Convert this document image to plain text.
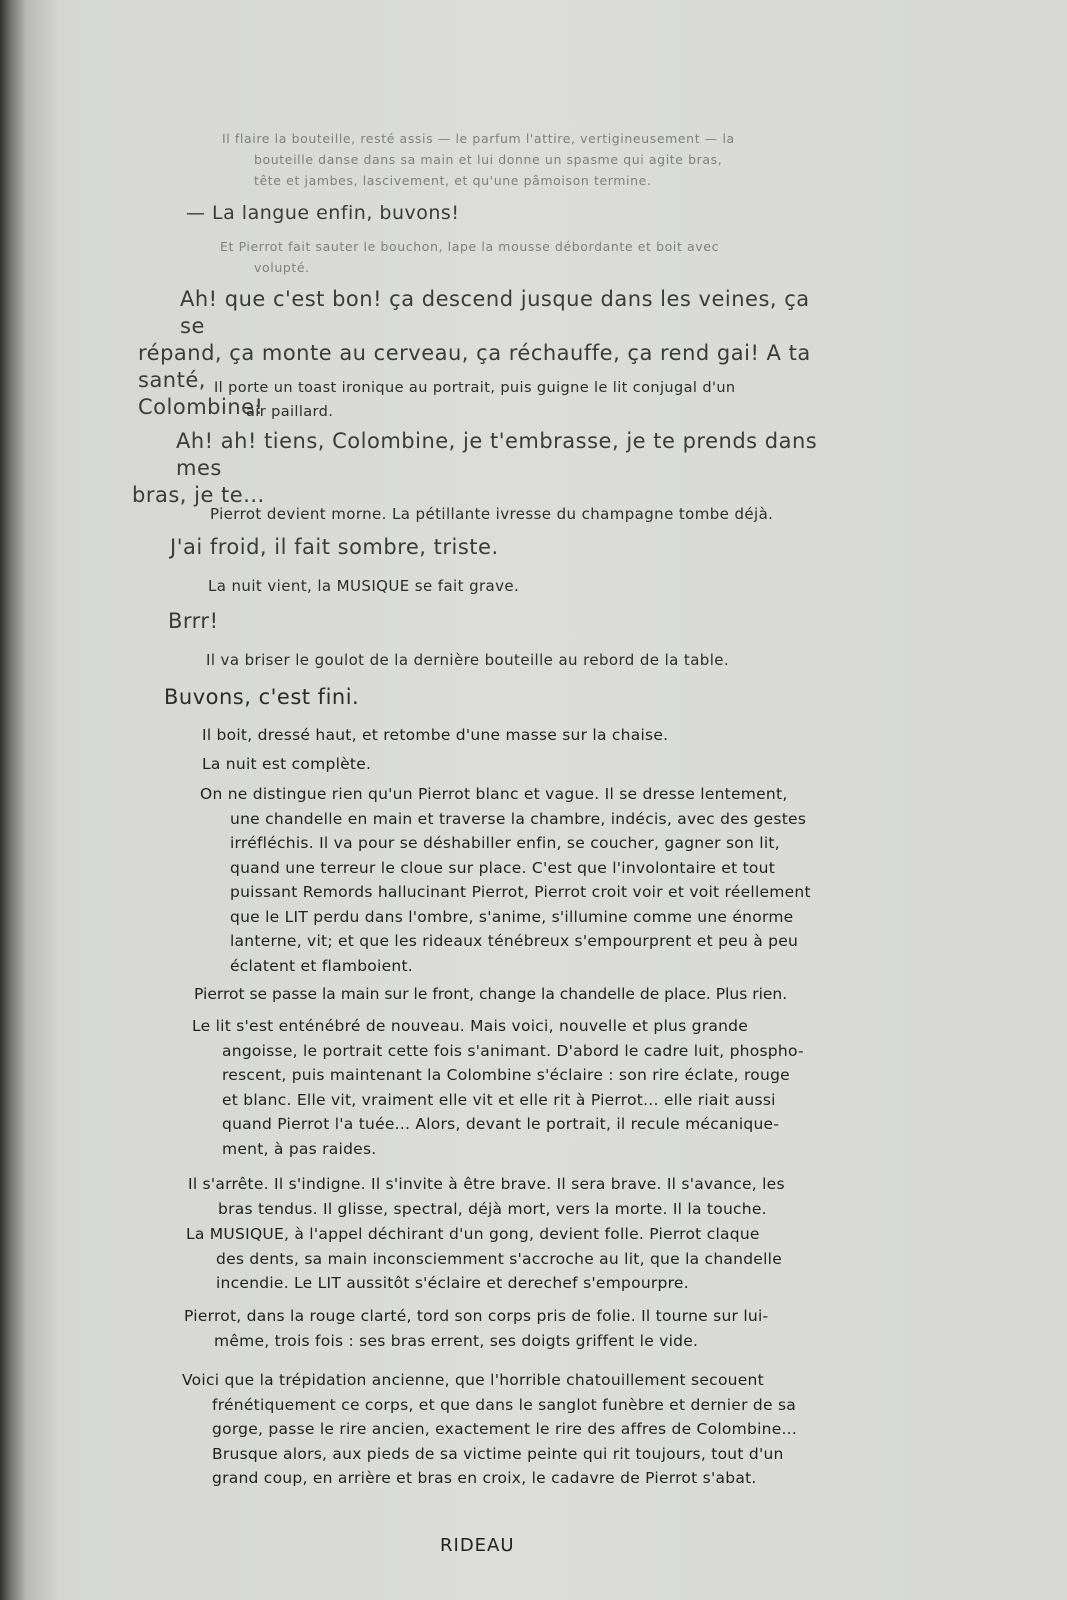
Il flaire la bouteille, resté assis — le parfum l'attire, vertigineusement — la
bouteille danse dans sa main et lui donne un spasme qui agite bras,
tête et jambes, lascivement, et qu'une pâmoison termine.
— La langue enfin, buvons!
Et Pierrot fait sauter le bouchon, lape la mousse débordante et boit avec
volupté.
Ah! que c'est bon! ça descend jusque dans les veines, ça se
répand, ça monte au cerveau, ça réchauffe, ça rend gai! A ta santé,
Colombine!
Il porte un toast ironique au portrait, puis guigne le lit conjugal d'un
air paillard.
Ah! ah! tiens, Colombine, je t'embrasse, je te prends dans mes
bras, je te...
Pierrot devient morne. La pétillante ivresse du champagne tombe déjà.
J'ai froid, il fait sombre, triste.
La nuit vient, la MUSIQUE se fait grave.
Brrr!
Il va briser le goulot de la dernière bouteille au rebord de la table.
Buvons, c'est fini.
Il boit, dressé haut, et retombe d'une masse sur la chaise.
La nuit est complète.
On ne distingue rien qu'un Pierrot blanc et vague. Il se dresse lentement,
une chandelle en main et traverse la chambre, indécis, avec des gestes
irréfléchis. Il va pour se déshabiller enfin, se coucher, gagner son lit,
quand une terreur le cloue sur place. C'est que l'involontaire et tout
puissant Remords hallucinant Pierrot, Pierrot croit voir et voit réellement
que le LIT perdu dans l'ombre, s'anime, s'illumine comme une énorme
lanterne, vit; et que les rideaux ténébreux s'empourprent et peu à peu
éclatent et flamboient.
Pierrot se passe la main sur le front, change la chandelle de place. Plus rien.
Le lit s'est enténébré de nouveau. Mais voici, nouvelle et plus grande
angoisse, le portrait cette fois s'animant. D'abord le cadre luit, phospho-
rescent, puis maintenant la Colombine s'éclaire : son rire éclate, rouge
et blanc. Elle vit, vraiment elle vit et elle rit à Pierrot... elle riait aussi
quand Pierrot l'a tuée... Alors, devant le portrait, il recule mécanique-
ment, à pas raides.
Il s'arrête. Il s'indigne. Il s'invite à être brave. Il sera brave. Il s'avance, les
bras tendus. Il glisse, spectral, déjà mort, vers la morte. Il la touche.
La MUSIQUE, à l'appel déchirant d'un gong, devient folle. Pierrot claque
des dents, sa main inconsciemment s'accroche au lit, que la chandelle
incendie. Le LIT aussitôt s'éclaire et derechef s'empourpre.
Pierrot, dans la rouge clarté, tord son corps pris de folie. Il tourne sur lui-
même, trois fois : ses bras errent, ses doigts griffent le vide.
Voici que la trépidation ancienne, que l'horrible chatouillement secouent
frénétiquement ce corps, et que dans le sanglot funèbre et dernier de sa
gorge, passe le rire ancien, exactement le rire des affres de Colombine...
Brusque alors, aux pieds de sa victime peinte qui rit toujours, tout d'un
grand coup, en arrière et bras en croix, le cadavre de Pierrot s'abat.
RIDEAU
